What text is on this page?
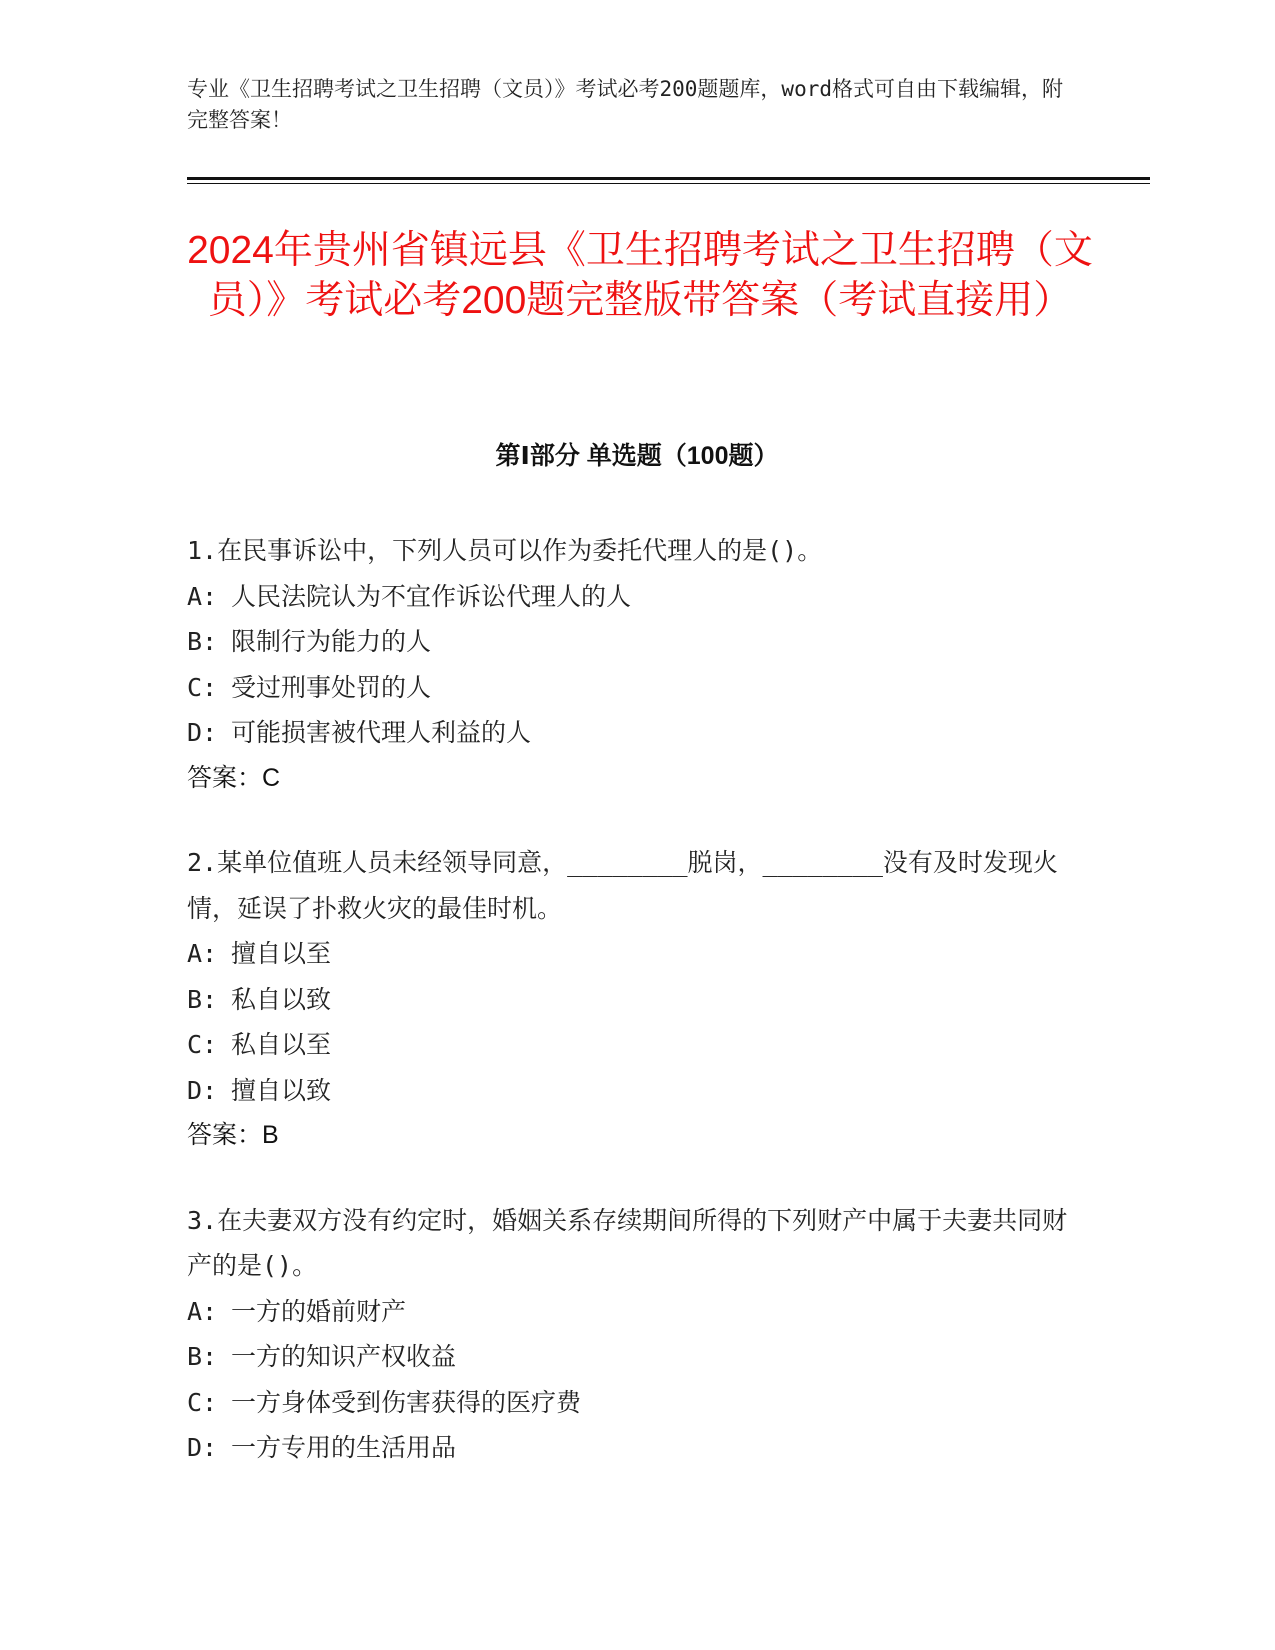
专业《卫生招聘考试之卫生招聘（文员）》考试必考200题题库，word格式可自由下载编辑，附完整答案！
2024年贵州省镇远县《卫生招聘考试之卫生招聘（文员）》考试必考200题完整版带答案（考试直接用）
第Ⅰ部分 单选题（100题）

1.在民事诉讼中，下列人员可以作为委托代理人的是()。

A: 人民法院认为不宜作诉讼代理人的人
B: 限制行为能力的人
C: 受过刑事处罚的人
D: 可能损害被代理人利益的人

答案：C

2.某单位值班人员未经领导同意，________脱岗，________没有及时发现火情，延误了扑救火灾的最佳时机。

A: 擅自以至
B: 私自以致
C: 私自以至
D: 擅自以致

答案：B

3.在夫妻双方没有约定时，婚姻关系存续期间所得的下列财产中属于夫妻共同财产的是()。

A: 一方的婚前财产
B: 一方的知识产权收益
C: 一方身体受到伤害获得的医疗费
D: 一方专用的生活用品
